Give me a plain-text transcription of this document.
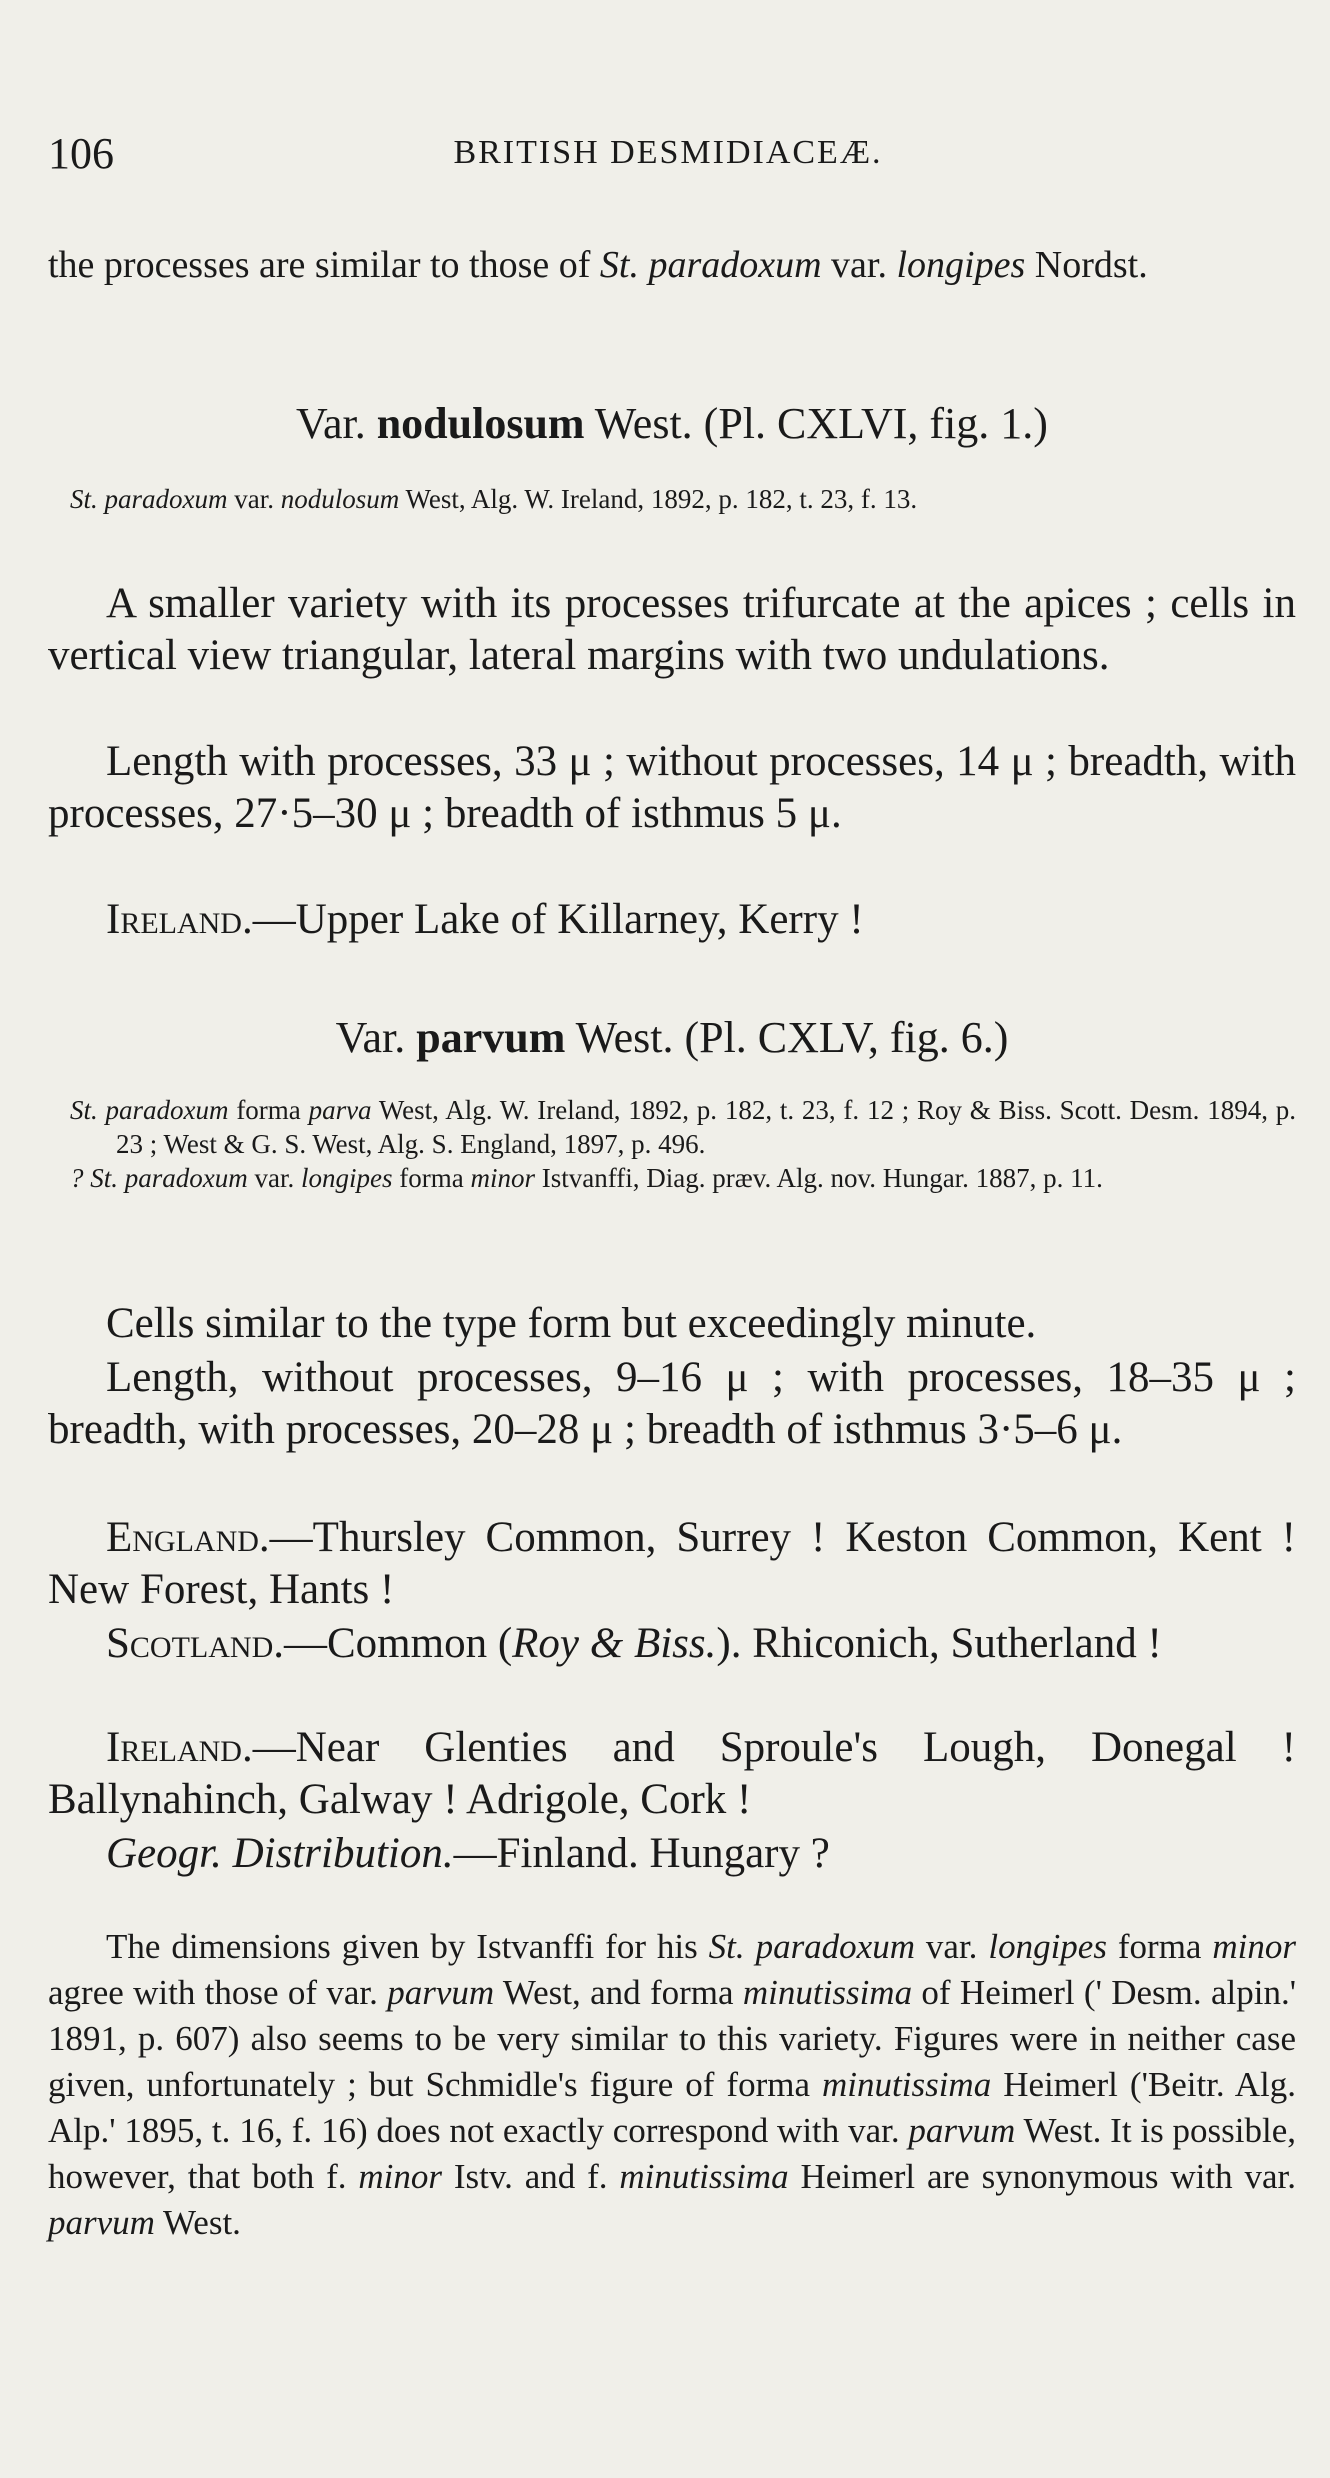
106	BRITISH DESMIDIACEÆ.

the processes are similar to those of St. paradoxum var. longipes Nordst.

Var. nodulosum West. (Pl. CXLVI, fig. 1.)

St. paradoxum var. nodulosum West, Alg. W. Ireland, 1892, p. 182, t. 23, f. 13.

A smaller variety with its processes trifurcate at the apices ; cells in vertical view triangular, lateral margins with two undulations.

Length with processes, 33 μ ; without processes, 14 μ ; breadth, with processes, 27·5–30 μ ; breadth of isthmus 5 μ.

Ireland.—Upper Lake of Killarney, Kerry !

Var. parvum West. (Pl. CXLV, fig. 6.)

St. paradoxum forma parva West, Alg. W. Ireland, 1892, p. 182, t. 23, f. 12 ; Roy & Biss. Scott. Desm. 1894, p. 23 ; West & G. S. West, Alg. S. England, 1897, p. 496.

? St. paradoxum var. longipes forma minor Istvanffi, Diag. præv. Alg. nov. Hungar. 1887, p. 11.

Cells similar to the type form but exceedingly minute.

Length, without processes, 9–16 μ ; with processes, 18–35 μ ; breadth, with processes, 20–28 μ ; breadth of isthmus 3·5–6 μ.

England.—Thursley Common, Surrey ! Keston Common, Kent ! New Forest, Hants !

Scotland.—Common (Roy & Biss.). Rhiconich, Sutherland !

Ireland.—Near Glenties and Sproule's Lough, Donegal ! Ballynahinch, Galway ! Adrigole, Cork !

Geogr. Distribution.—Finland. Hungary ?

The dimensions given by Istvanffi for his St. paradoxum var. longipes forma minor agree with those of var. parvum West, and forma minutissima of Heimerl (' Desm. alpin.' 1891, p. 607) also seems to be very similar to this variety. Figures were in neither case given, unfortunately ; but Schmidle's figure of forma minutissima Heimerl ('Beitr. Alg. Alp.' 1895, t. 16, f. 16) does not exactly correspond with var. parvum West. It is possible, however, that both f. minor Istv. and f. minutissima Heimerl are synonymous with var. parvum West.
